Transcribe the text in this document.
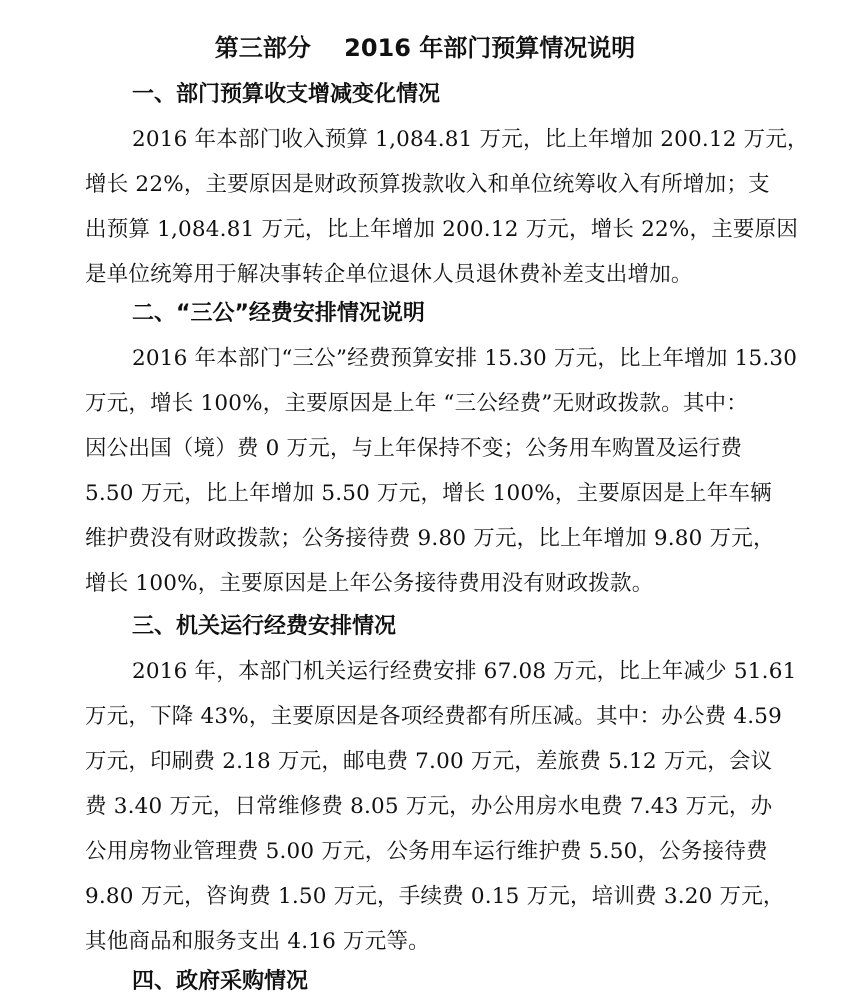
第三部分    2016 年部门预算情况说明
一、部门预算收支增减变化情况
2016 年本部门收入预算 1,084.81 万元，比上年增加 200.12 万元，
增长 22%，主要原因是财政预算拨款收入和单位统筹收入有所增加；支
出预算 1,084.81 万元，比上年增加 200.12 万元，增长 22%，主要原因
是单位统筹用于解决事转企单位退休人员退休费补差支出增加。
二、“三公”经费安排情况说明
2016 年本部门“三公”经费预算安排 15.30 万元，比上年增加 15.30
万元，增长 100%，主要原因是上年 “三公经费”无财政拨款。其中：
因公出国（境）费 0 万元，与上年保持不变；公务用车购置及运行费
5.50 万元，比上年增加 5.50 万元，增长 100%，主要原因是上年车辆
维护费没有财政拨款；公务接待费 9.80 万元，比上年增加 9.80 万元，
增长 100%，主要原因是上年公务接待费用没有财政拨款。
三、机关运行经费安排情况
2016 年，本部门机关运行经费安排 67.08 万元，比上年减少 51.61
万元，下降 43%，主要原因是各项经费都有所压减。其中：办公费 4.59
万元，印刷费 2.18 万元，邮电费 7.00 万元，差旅费 5.12 万元，会议
费 3.40 万元，日常维修费 8.05 万元，办公用房水电费 7.43 万元，办
公用房物业管理费 5.00 万元，公务用车运行维护费 5.50，公务接待费
9.80 万元，咨询费 1.50 万元，手续费 0.15 万元，培训费 3.20 万元，
其他商品和服务支出 4.16 万元等。
四、政府采购情况
